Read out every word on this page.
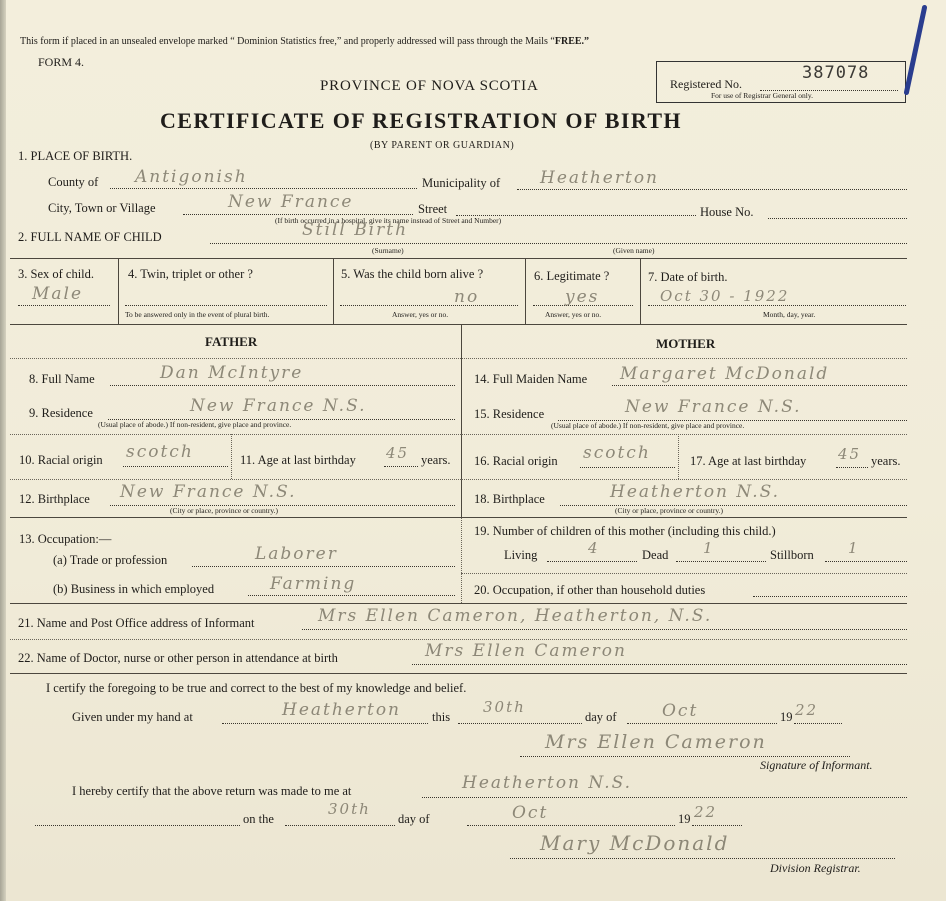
This form if placed in an unsealed envelope marked “ Dominion Statistics free,” and properly addressed will pass through the Mails “FREE.”
FORM 4.
PROVINCE OF NOVA SCOTIA
CERTIFICATE OF REGISTRATION OF BIRTH
(BY PARENT OR GUARDIAN)
Registered No.
387078
For use of Registrar General only.
1. PLACE OF BIRTH.
County of Antigonish	Municipality of Heatherton
City, Town or Village	New France	Street	House No.
(If birth occurred in a hospital, give its name instead of Street and Number)
2. FULL NAME OF CHILD	Still Birth
(Surname)	(Given name)
3. Sex of child.
Male
4. Twin, triplet or other ?
To be answered only in the event of plural birth.
5. Was the child born alive ?
no
Answer, yes or no.
6. Legitimate ?
yes
Answer, yes or no.
7. Date of birth.
Oct 30 - 1922
Month, day, year.
FATHER	MOTHER
8. Full Name	Dan McIntyre
9. Residence	New France N.S.
(Usual place of abode.) If non-resident, give place and province.
10. Racial origin scotch	11. Age at last birthday 45 years.
12. Birthplace New France N.S.
(City or place, province or country.)
13. Occupation:—
(a) Trade or profession	Laborer
(b) Business in which employed	Farming
14. Full Maiden Name Margaret McDonald
15. Residence	New France N.S.
(Usual place of abode.) If non-resident, give place and province.
16. Racial origin scotch	17. Age at last birthday 45 years.
18. Birthplace	Heatherton N.S.
(City or place, province or country.)
19. Number of children of this mother (including this child.)
Living	4	Dead 1	Stillborn 1
20. Occupation, if other than household duties
21. Name and Post Office address of Informant	Mrs Ellen Cameron, Heatherton, N.S.
22. Name of Doctor, nurse or other person in attendance at birth	Mrs Ellen Cameron
I certify the foregoing to be true and correct to the best of my knowledge and belief.
Given under my hand at	Heatherton this
30th
day of	Oct	19 22
Mrs Ellen Cameron
Signature of Informant.
I hereby certify that the above return was made to me at	Heatherton N.S.
on the
30th
day of	Oct	19 22
Mary McDonald
Division Registrar.
